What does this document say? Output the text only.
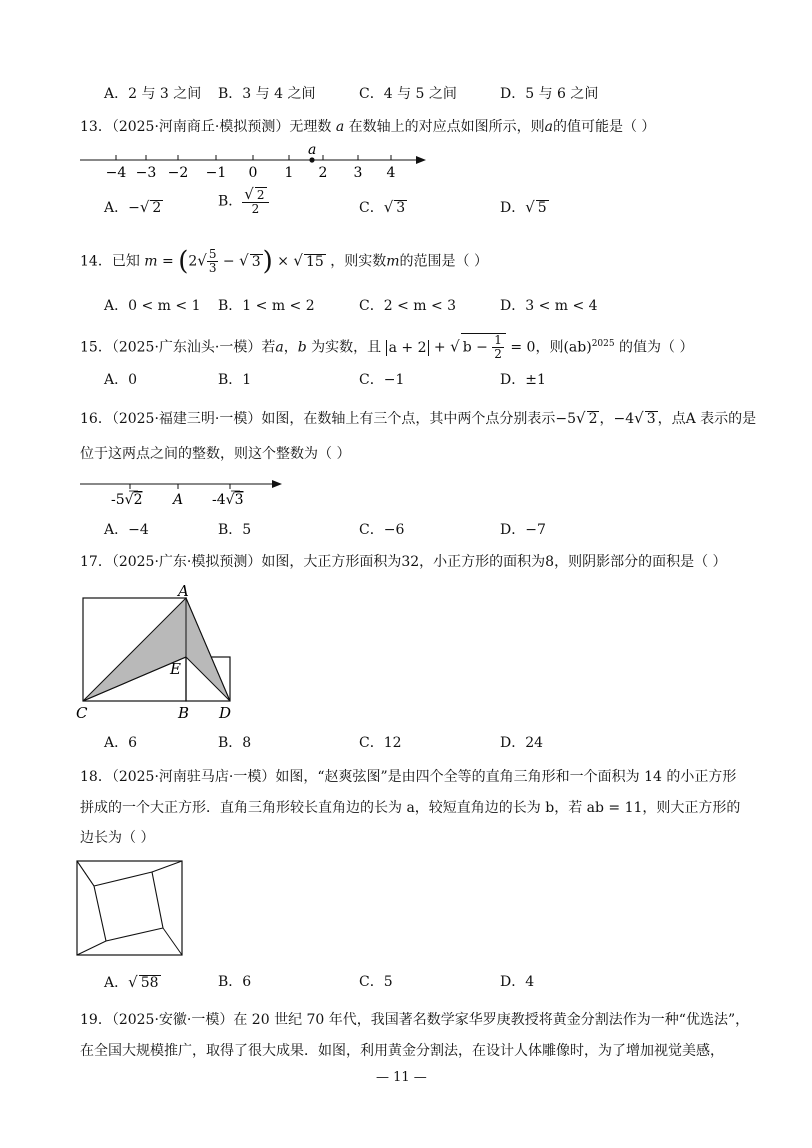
A．2 与 3 之间 B．3 与 4 之间	C．4 与 5 之间	D．5 与 6 之间
13．（2025·河南商丘·模拟预测）无理数 a 在数轴上的对应点如图所示，则a的值可能是（ ）
−4 −3 −2 −1 0 1 2 3 4
a
A．−√ 2	B． $\frac{√ 2}{2}$	C．√ 3	D．√ 5
14．已知 $m = (2√ \frac{5}{3}$ − √ 3) × √ 15 ，则实数m的范围是（ ）
A．0 < m < 1 B．1 < m < 2	C．2 < m < 3	D．3 < m < 4
15．（2025·广东汕头·一模）若a，b 为实数，且 a + 2 + √ $b - \frac{1}{2} = 0$，则(ab)$^{2025}$ 的值为（ ）
A．0	B．1	C．−1	D．±1
16．（2025·福建三明·一模）如图，在数轴上有三个点，其中两个点分别表示−5√ 2 ，−4√ 3 ，点A 表示的是
位于这两点之间的整数，则这个整数为（ ）
-5√2 A -4√3
A．−4	B．5	C．−6	D．−7
17．（2025·广东·模拟预测）如图，大正方形面积为32，小正方形的面积为8，则阴影部分的面积是（ ）
A
E
C	B D
A．6	B．8	C．12	D．24
18．（2025·河南驻马店·一模）如图，“赵爽弦图”是由四个全等的直角三角形和一个面积为 14 的小正方形
拼成的一个大正方形．直角三角形较长直角边的长为 a，较短直角边的长为 b，若 ab = 11，则大正方形的
边长为（ ）
A．√ 58	B．6	C．5	D．4
19．（2025·安徽·一模）在 20 世纪 70 年代，我国著名数学家华罗庚教授将黄金分割法作为一种“优选法”，
在全国大规模推广，取得了很大成果．如图，利用黄金分割法，在设计人体雕像时，为了增加视觉美感，
— 11 —
